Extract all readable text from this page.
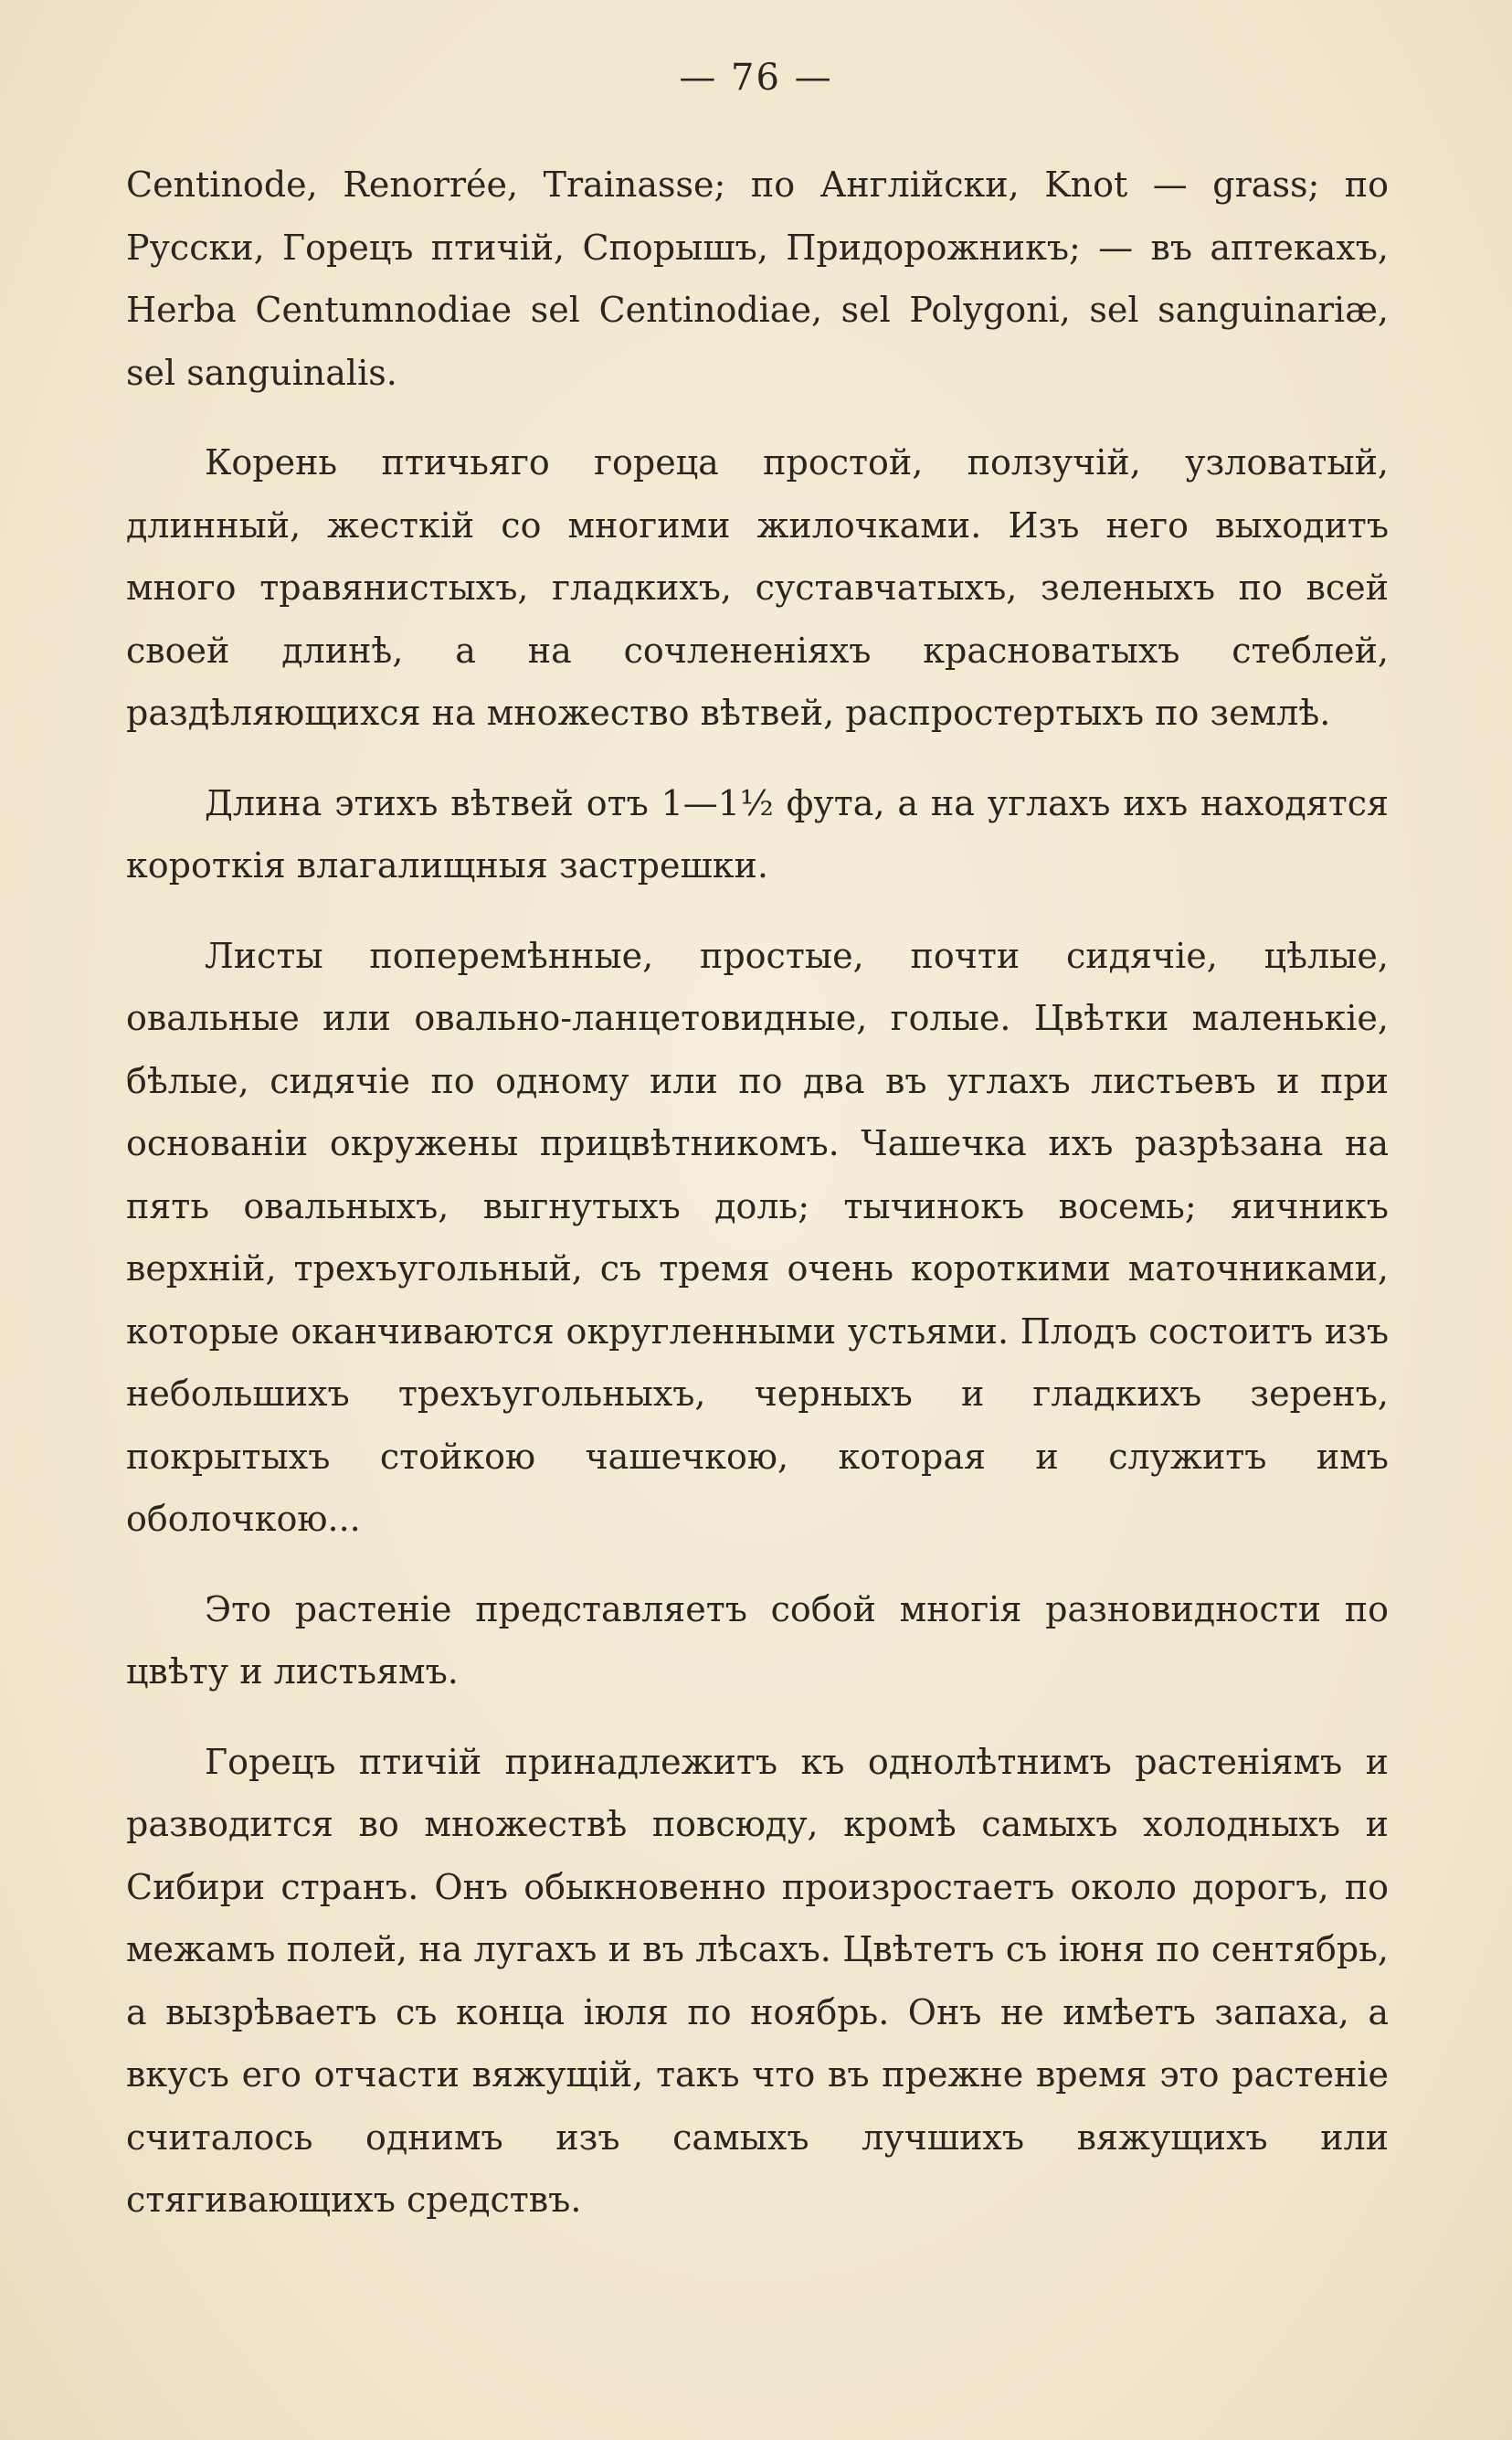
— 76 —

Centinode, Renorrée, Trainasse; по Англійски, Knot — grass; по Русски, Горецъ птичій, Спорышъ, Придорожникъ; — въ аптекахъ, Herba Centumnodiae sel Centinodiae, sel Polygoni, sel sanguinariæ, sel sanguinalis.

Корень птичьяго горeца простой, ползучій, узловатый, длинный, жесткій со многими жилочками. Изъ него выходитъ много травянистыхъ, гладкихъ, суставчатыхъ, зеленыхъ по всей своей длинѣ, а на сочлененіяхъ красноватыхъ стеблей, раздѣляющихся на множество вѣтвей, распростертыхъ по землѣ.

Длина этихъ вѣтвей отъ 1—1½ фута, а на углахъ ихъ находятся короткія влагалищныя застрешки.

Листы поперемѣнные, простые, почти сидячіе, цѣлые, овальные или овально-ланцетовидные, голые. Цвѣтки маленькіе, бѣлые, сидячіе по одному или по два въ углахъ листьевъ и при основаніи окружены прицвѣтникомъ. Чашечка ихъ разрѣзана на пять овальныхъ, выгнутыхъ доль; тычинокъ восемь; яичникъ верхній, трехъугольный, съ тремя очень короткими маточниками, которые оканчиваются округленными устьями. Плодъ состоитъ изъ небольшихъ трехъугольныхъ, черныхъ и гладкихъ зеренъ, покрытыхъ стойкою чашечкою, которая и служитъ имъ оболочкою...

Это растеніе представляетъ собой многія разновидности по цвѣту и листьямъ.

Горецъ птичій принадлежитъ къ однолѣтнимъ растеніямъ и разводится во множествѣ повсюду, кромѣ самыхъ холодныхъ и Сибири странъ. Онъ обыкновенно произростаетъ около дорогъ, по межамъ полей, на лугахъ и въ лѣсахъ. Цвѣтетъ съ іюня по сентябрь, а вызрѣваетъ съ конца іюля по ноябрь. Онъ не имѣетъ запаха, а вкусъ его отчасти вяжущій, такъ что въ прежне время это растеніе считалось однимъ изъ самыхъ лучшихъ вяжущихъ или стягивающихъ средствъ.
